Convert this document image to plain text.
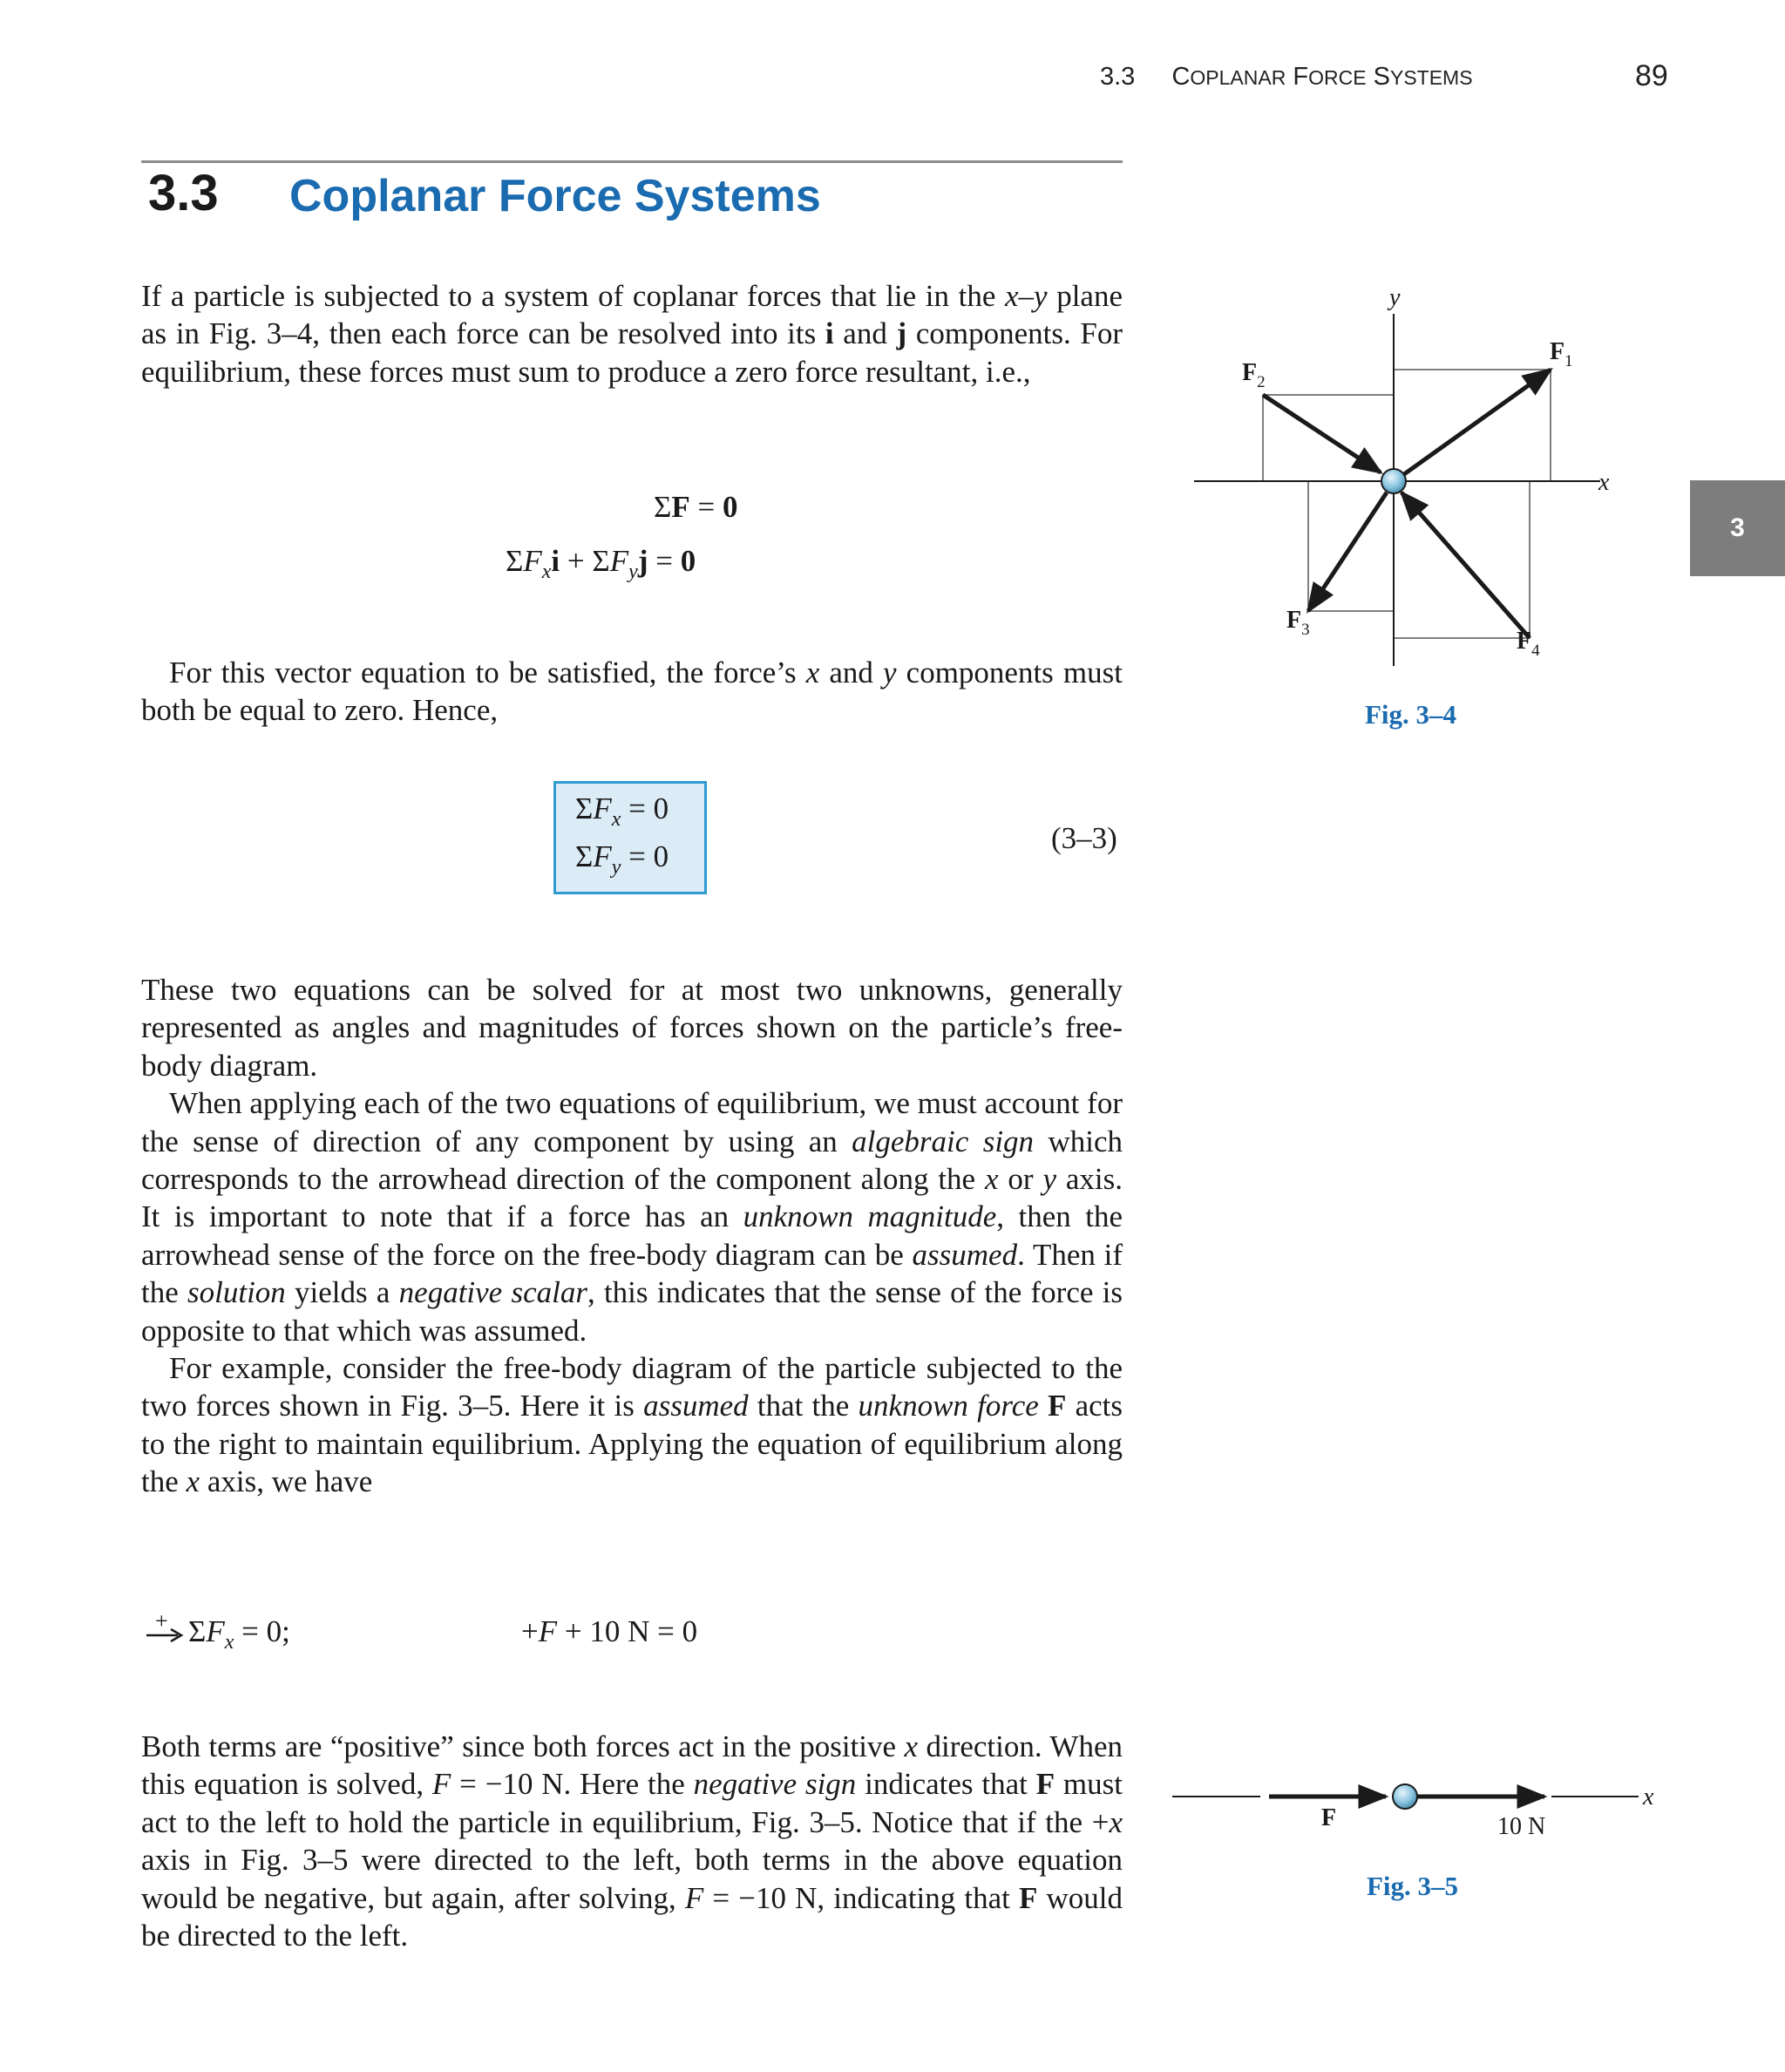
3.3 COPLANAR FORCE SYSTEMS	89
3.3 Coplanar Force Systems

If a particle is subjected to a system of coplanar forces that lie in the x–y plane as in Fig. 3–4, then each force can be resolved into its i and j components. For equilibrium, these forces must sum to produce a zero force resultant, i.e.,

ΣF = 0
$\Sigma F_xi + \Sigma F_yj = 0$

For this vector equation to be satisfied, the force’s x and y components must both be equal to zero. Hence,

$\Sigma F_x = 0$
$\Sigma F_y = 0$
(3–3)

These two equations can be solved for at most two unknowns, generally represented as angles and magnitudes of forces shown on the particle’s free-body diagram.

When applying each of the two equations of equilibrium, we must account for the sense of direction of any component by using an algebraic sign which corresponds to the arrowhead direction of the component along the x or y axis. It is important to note that if a force has an unknown magnitude, then the arrowhead sense of the force on the free-body diagram can be assumed. Then if the solution yields a negative scalar, this indicates that the sense of the force is opposite to that which was assumed.

For example, consider the free-body diagram of the particle subjected to the two forces shown in Fig. 3–5. Here it is assumed that the unknown force F acts to the right to maintain equilibrium. Applying the equation of equilibrium along the x axis, we have

+ $\Sigma F_x = 0$;	+F + 10 N = 0

Both terms are “positive” since both forces act in the positive x direction. When this equation is solved, F = −10 N. Here the negative sign indicates that F must act to the left to hold the particle in equilibrium, Fig. 3–5. Notice that if the +x axis in Fig. 3–5 were directed to the left, both terms in the above equation would be negative, but again, after solving, F = −10 N, indicating that F would be directed to the left.

x
y
$F_1$
$F_2$
$F_3$	$F_4$
Fig. 3–4
3
x
F	10 N
Fig. 3–5
